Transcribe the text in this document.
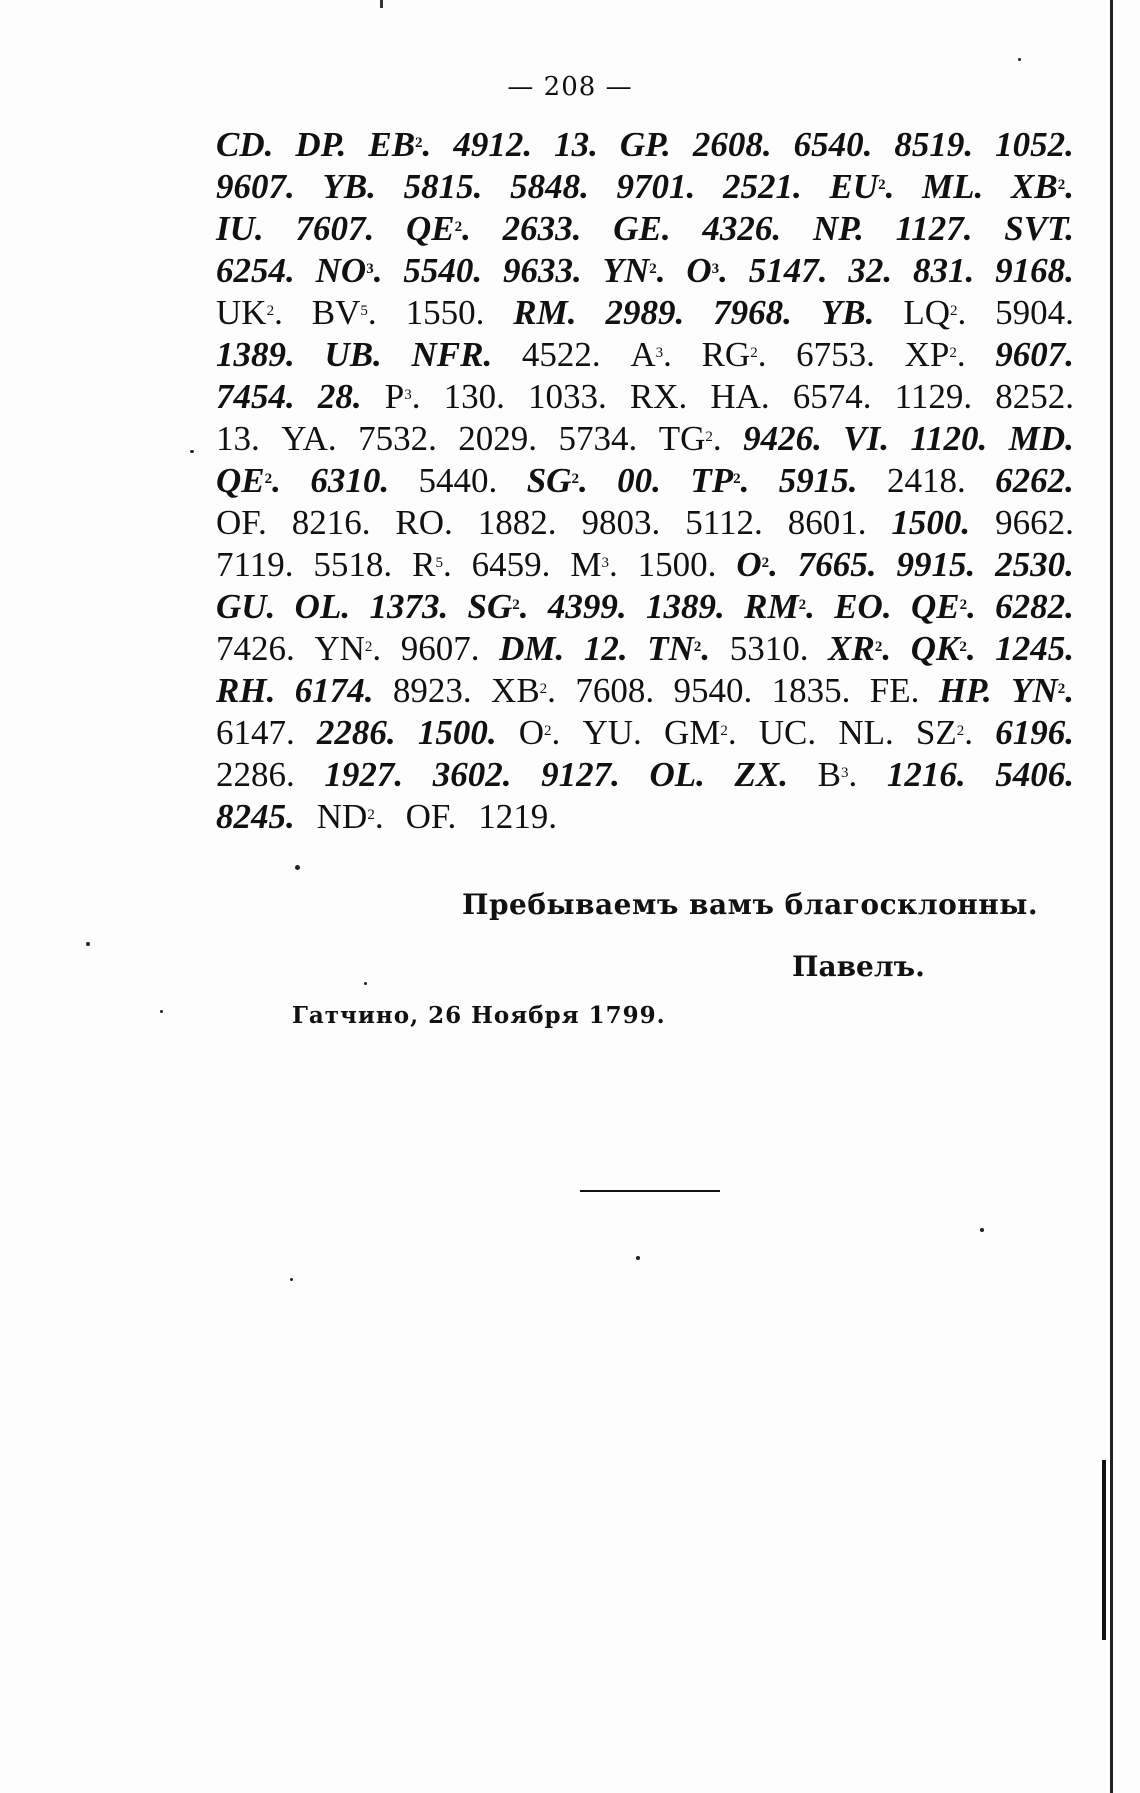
— 208 —
CD. DP. $EB^2$. 4912. 13. GP. 2608. 6540. 8519. 1052.
9607. YB. 5815. 5848. 9701. 2521. $EU^2$. ML. $XB^2$.
IU. 7607. $QE^2$. 2633. GE. 4326. NP. 1127. SVT.
6254. $NO^3$. 5540. 9633. $YN^2$. $O^3$. 5147. 32. 831. 9168.
$UK^2$. $BV^5$. 1550. RM. 2989. 7968. YB. $LQ^2$. 5904.
1389. UB. NFR. 4522. $A^3$. $RG^2$. 6753. $XP^2$. 9607.
7454. 28. $P^3$. 130. 1033. RX. HA. 6574. 1129. 8252.
13. YA. 7532. 2029. 5734. $TG^2$. 9426. VI. 1120. MD.
$QE^2$. 6310. 5440. $SG^2$. 00. $TP^2$. 5915. 2418. 6262.
OF. 8216. RO. 1882. 9803. 5112. 8601. 1500. 9662.
7119. 5518. $R^5$. 6459. $M^3$. 1500. $O^2$. 7665. 9915. 2530.
GU. OL. 1373. $SG^2$. 4399. 1389. $RM^2$. EO. $QE^2$. 6282.
7426. $YN^2$. 9607. DM. 12. $TN^2$. 5310. $XR^2$. $QK^2$. 1245.
RH. 6174. 8923. $XB^2$. 7608. 9540. 1835. FE. HP. $YN^2$.
6147. 2286. 1500. $O^2$. YU. $GM^2$. UC. NL. $SZ^2$. 6196.
2286. 1927. 3602. 9127. OL. ZX. $B^3$. 1216. 5406.
8245. $ND^2$. OF. 1219.
Пребываемъ вамъ благосклонны.
Павелъ.
Гатчино, 26 Ноября 1799.
